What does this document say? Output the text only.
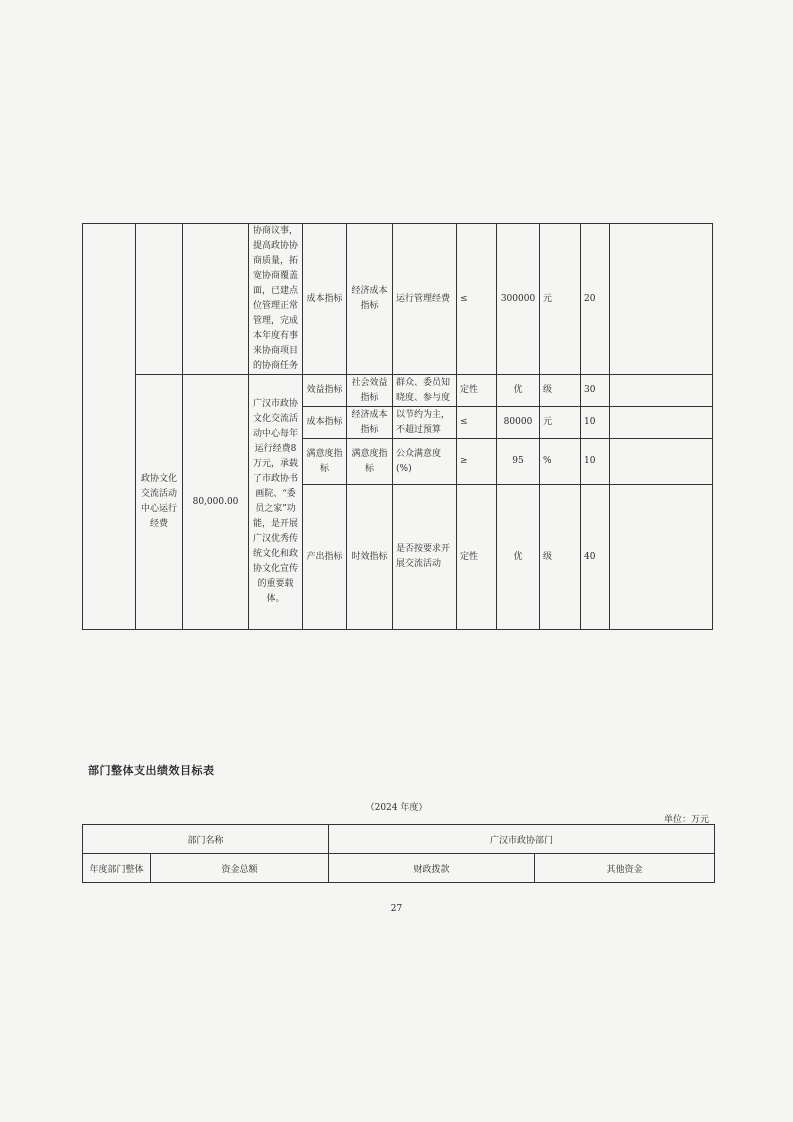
			协商议事，提高政协协商质量，拓宽协商覆盖面，已建点位管理正常管理，完成本年度有事来协商项目的协商任务	成本指标	经济成本指标	运行管理经费	≤	300000	元	20	
	政协文化交流活动中心运行经费	80,000.00	广汉市政协文化交流活动中心每年运行经费8万元，承载了市政协书画院、“委员之家”功能，是开展广汉优秀传统文化和政协文化宣传的重要载体。	效益指标	社会效益指标	群众、委员知晓度、参与度	定性	优	级	30	
				成本指标	经济成本指标	以节约为主，不超过预算	≤	80000	元	10	
				满意度指标	满意度指标	公众满意度(%)	≥	95	%	10	
				产出指标	时效指标	是否按要求开展交流活动	定性	优	级	40	
部门整体支出绩效目标表
（2024 年度）
单位：万元
部门名称		广汉市政协部门	
年度部门整体	资金总额	财政拨款	其他资金
27
